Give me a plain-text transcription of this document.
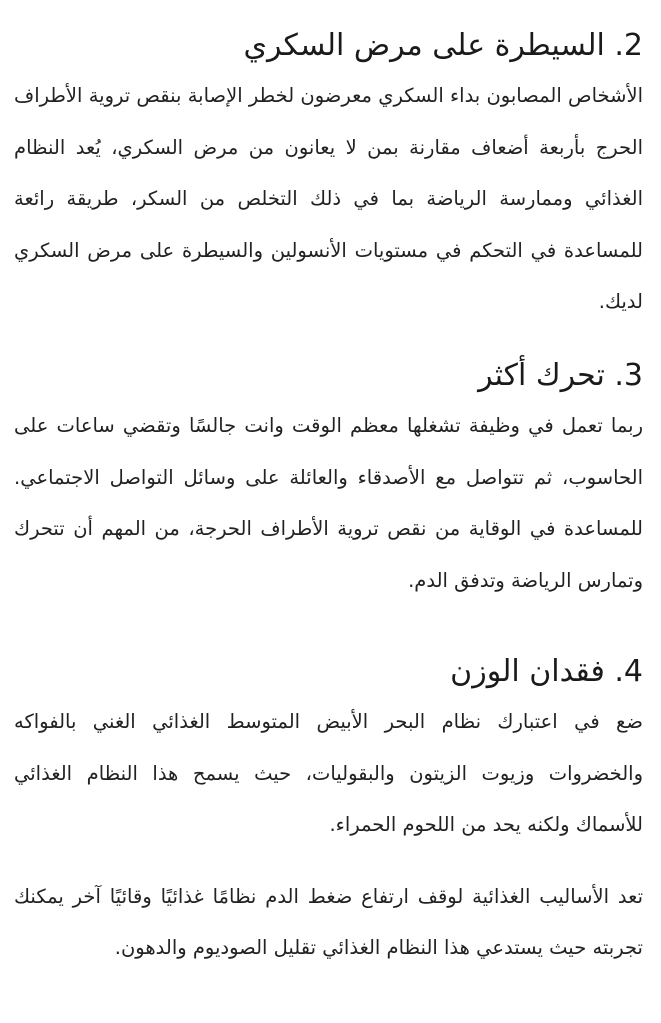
2. السيطرة على مرض السكري

الأشخاص المصابون بداء السكري معرضون لخطر الإصابة بنقص تروية الأطراف الحرج بأربعة أضعاف مقارنة بمن لا يعانون من مرض السكري، يُعد النظام الغذائي وممارسة الرياضة بما في ذلك التخلص من السكر، طريقة رائعة للمساعدة في التحكم في مستويات الأنسولين والسيطرة على مرض السكري لديك.

3. تحرك أكثر

ربما تعمل في وظيفة تشغلها معظم الوقت وانت جالسًا وتقضي ساعات على الحاسوب، ثم تتواصل مع الأصدقاء والعائلة على وسائل التواصل الاجتماعي. للمساعدة في الوقاية من نقص تروية الأطراف الحرجة، من المهم أن تتحرك وتمارس الرياضة وتدفق الدم.

4. فقدان الوزن

ضع في اعتبارك نظام البحر الأبيض المتوسط الغذائي الغني بالفواكه والخضروات وزيوت الزيتون والبقوليات، حيث يسمح هذا النظام الغذائي للأسماك ولكنه يحد من اللحوم الحمراء.

تعد الأساليب الغذائية لوقف ارتفاع ضغط الدم نظامًا غذائيًا وقائيًا آخر يمكنك تجربته حيث يستدعي هذا النظام الغذائي تقليل الصوديوم والدهون.
